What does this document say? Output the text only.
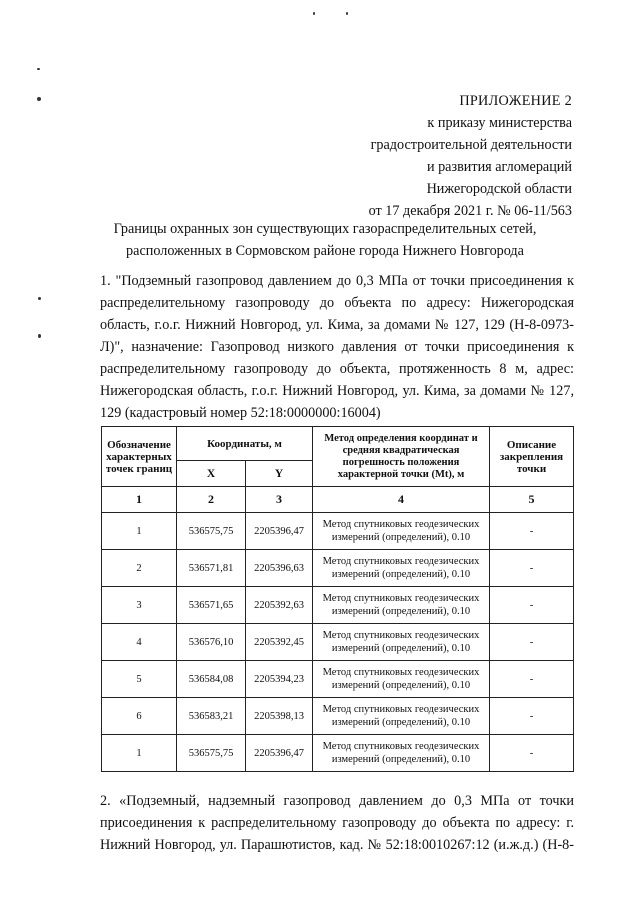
ПРИЛОЖЕНИЕ 2
к приказу министерства
градостроительной деятельности
и развития агломераций
Нижегородской области
от 17 декабря 2021 г. № 06-11/563
Границы охранных зон существующих газораспределительных сетей,
расположенных в Сормовском районе города Нижнего Новгорода
1. "Подземный газопровод давлением до 0,3 МПа от точки присоединения к
распределительному газопроводу до объекта по адресу: Нижегородская
область, г.о.г. Нижний Новгород, ул. Кима, за домами № 127, 129 (Н-8-0973-
Л)", назначение: Газопровод низкого давления от точки присоединения к
распределительному газопроводу до объекта, протяженность 8 м, адрес:
Нижегородская область, г.о.г. Нижний Новгород, ул. Кима, за домами № 127,
129 (кадастровый номер 52:18:0000000:16004)
Обозначение характерных точек границ	Координаты, м		Метод определения координат и средняя квадратическая погрешность положения характерной точки (Мt), м	Описание закрепления точки
	X	Y		
1	2	3	4	5
1	536575,75	2205396,47	Метод спутниковых геодезических измерений (определений), 0.10	-
2	536571,81	2205396,63	Метод спутниковых геодезических измерений (определений), 0.10	-
3	536571,65	2205392,63	Метод спутниковых геодезических измерений (определений), 0.10	-
4	536576,10	2205392,45	Метод спутниковых геодезических измерений (определений), 0.10	-
5	536584,08	2205394,23	Метод спутниковых геодезических измерений (определений), 0.10	-
6	536583,21	2205398,13	Метод спутниковых геодезических измерений (определений), 0.10	-
1	536575,75	2205396,47	Метод спутниковых геодезических измерений (определений), 0.10	-
2. «Подземный, надземный газопровод давлением до 0,3 МПа от точки
присоединения к распределительному газопроводу до объекта по адресу: г.
Нижний Новгород, ул. Парашютистов, кад. № 52:18:0010267:12 (и.ж.д.) (Н-8-
